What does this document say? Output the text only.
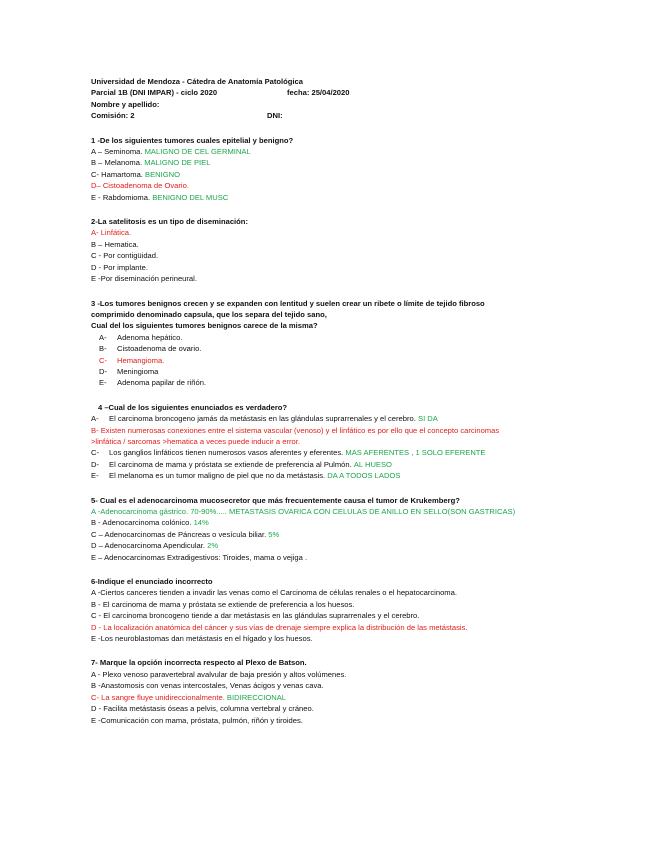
Universidad de Mendoza - Cátedra de Anatomía Patológica
Parcial 1B (DNI IMPAR) - ciclo 2020	fecha: 25/04/2020
Nombre y apellido:
Comisión: 2	DNI:
1 -De los siguientes tumores cuales epitelial y benigno?
A – Seminoma. MALIGNO DE CEL GERMINAL
B – Melanoma. MALIGNO DE PIEL
C- Hamartoma. BENIGNO
D– Cistoadenoma de Ovario.
E - Rabdomioma. BENIGNO DEL MUSC
2-La satelitosis es un tipo de diseminación:
A- Linfática.
B – Hematica.
C - Por contigüidad.
D - Por implante.
E -Por diseminación perineural.
3 -Los tumores benignos crecen y se expanden con lentitud y suelen crear un ribete o límite de tejido fibroso
comprimido denominado capsula, que los separa del tejido sano,
Cual del los siguientes tumores benignos carece de la misma?
A-	Adenoma hepático.
B-	Cistoadenoma de ovario.
C-	Hemangioma.
D-	Meningioma
E-	Adenoma papilar de riñón.
4 –Cual de los siguientes enunciados es verdadero?
A-	El carcinoma broncogeno jamás da metástasis en las glándulas suprarrenales y el cerebro.
SI DA
B- Existen numerosas conexiones entre el sistema vascular (venoso) y el linfático es por ello que el concepto carcinomas
>linfática / sarcomas >hematica a veces puede inducir a error.
C-	Los ganglios linfáticos tienen numerosos vasos aferentes y eferentes.
MAS AFERENTES , 1 SOLO EFERENTE
D-	El carcinoma de mama y próstata se extiende de preferencia al Pulmón.
AL HUESO
E-	El melanoma es un tumor maligno de piel que no da metástasis.
DA A TODOS LADOS
5- Cual es el adenocarcinoma mucosecretor que más frecuentemente causa el tumor de Krukemberg?
A -Adenocarcinoma gástrico. 70-90%..... METASTASIS OVARICA CON CELULAS DE ANILLO EN SELLO(SON GASTRICAS)
B - Adenocarcinoma colónico. 14%
C – Adenocarcinomas de Páncreas o vesícula biliar. 5%
D – Adenocarcinoma Apendicular. 2%
E – Adenocarcinomas Extradigestivos: Tiroides, mama o vejiga .
6-Indique el enunciado incorrecto
A -Ciertos canceres tienden a invadir las venas como el Carcinoma de células renales o el hepatocarcinoma.
B - El carcinoma de mama y próstata se extiende de preferencia a los huesos.
C - El carcinoma broncogeno tiende a dar metástasis en las glándulas suprarrenales y el cerebro.
D - La localización anatómica del cáncer y sus vías de drenaje siempre explica la distribución de las metástasis.
E -Los neuroblastomas dan metástasis en el hígado y los huesos.
7- Marque la opción incorrecta respecto al Plexo de Batson.
A - Plexo venoso paravertebral avalvular de baja presión y altos volúmenes.
B -Anastomosis con venas intercostales, Venas ácigos y venas cava.
C- La sangre fluye unidireccionalmente. BIDIRECCIONAL
D - Facilita metástasis óseas a pelvis, columna vertebral y cráneo.
E -Comunicación con mama, próstata, pulmón, riñón y tiroides.
